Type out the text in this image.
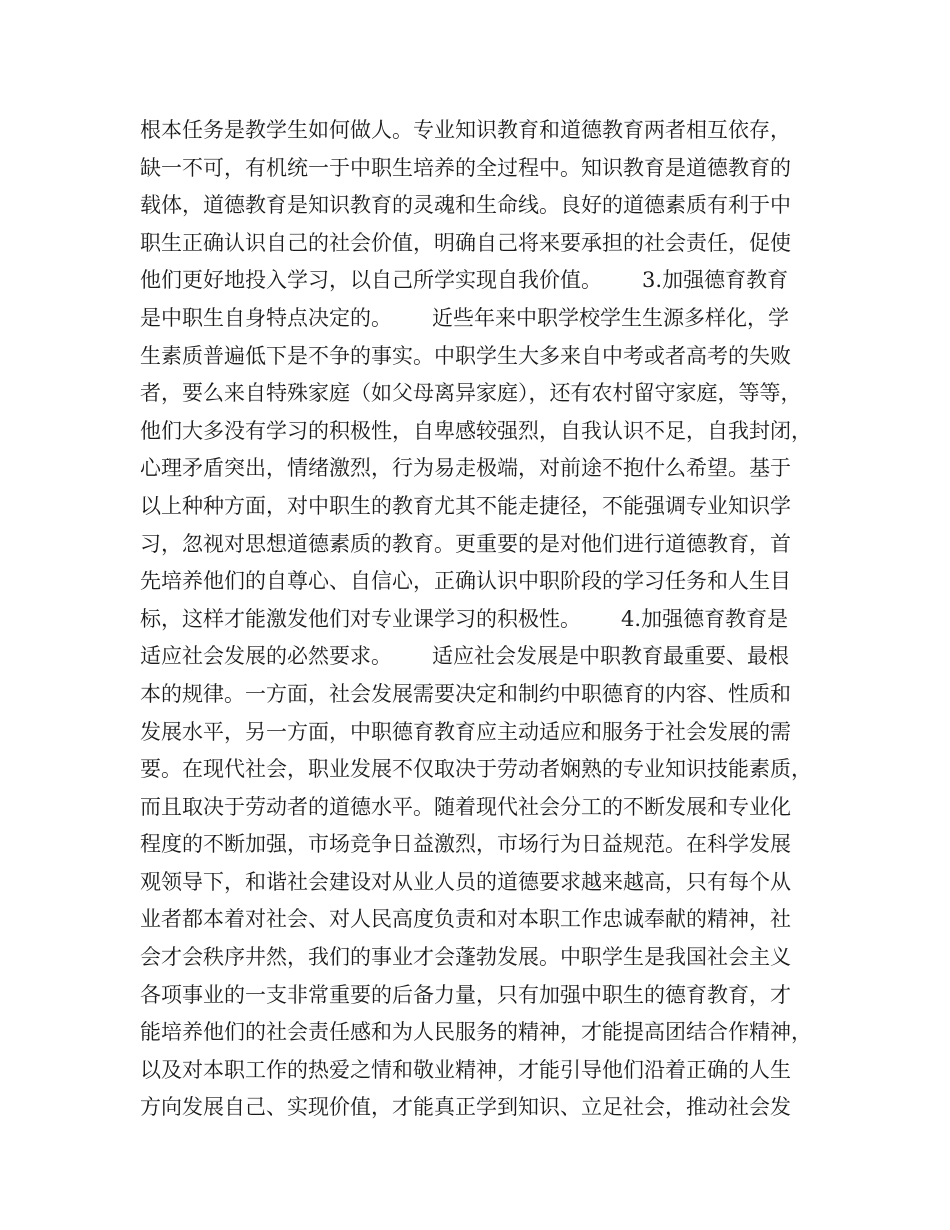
根本任务是教学生如何做人。专业知识教育和道德教育两者相互依存，
缺一不可，有机统一于中职生培养的全过程中。知识教育是道德教育的
载体，道德教育是知识教育的灵魂和生命线。良好的道德素质有利于中
职生正确认识自己的社会价值，明确自己将来要承担的社会责任，促使
他们更好地投入学习，以自己所学实现自我价值。      3.加强德育教育
是中职生自身特点决定的。      近些年来中职学校学生生源多样化，学
生素质普遍低下是不争的事实。中职学生大多来自中考或者高考的失败
者，要么来自特殊家庭（如父母离异家庭），还有农村留守家庭，等等，
他们大多没有学习的积极性，自卑感较强烈，自我认识不足，自我封闭，
心理矛盾突出，情绪激烈，行为易走极端，对前途不抱什么希望。基于
以上种种方面，对中职生的教育尤其不能走捷径，不能强调专业知识学
习，忽视对思想道德素质的教育。更重要的是对他们进行道德教育，首
先培养他们的自尊心、自信心，正确认识中职阶段的学习任务和人生目
标，这样才能激发他们对专业课学习的积极性。      4.加强德育教育是
适应社会发展的必然要求。      适应社会发展是中职教育最重要、最根
本的规律。一方面，社会发展需要决定和制约中职德育的内容、性质和
发展水平，另一方面，中职德育教育应主动适应和服务于社会发展的需
要。在现代社会，职业发展不仅取决于劳动者娴熟的专业知识技能素质，
而且取决于劳动者的道德水平。随着现代社会分工的不断发展和专业化
程度的不断加强，市场竞争日益激烈，市场行为日益规范。在科学发展
观领导下，和谐社会建设对从业人员的道德要求越来越高，只有每个从
业者都本着对社会、对人民高度负责和对本职工作忠诚奉献的精神，社
会才会秩序井然，我们的事业才会蓬勃发展。中职学生是我国社会主义
各项事业的一支非常重要的后备力量，只有加强中职生的德育教育，才
能培养他们的社会责任感和为人民服务的精神，才能提高团结合作精神，
以及对本职工作的热爱之情和敬业精神，才能引导他们沿着正确的人生
方向发展自己、实现价值，才能真正学到知识、立足社会，推动社会发
